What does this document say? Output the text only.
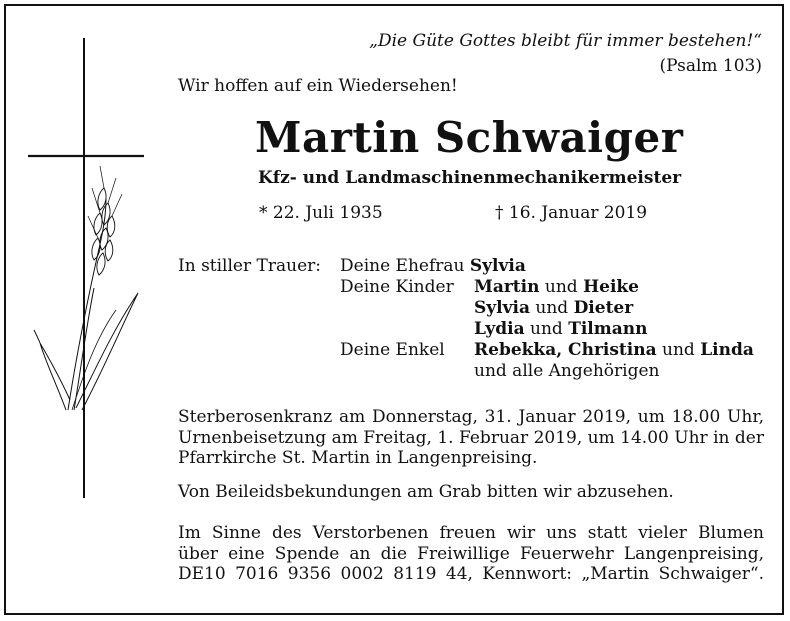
„Die Güte Gottes bleibt für immer bestehen!“
(Psalm 103)
Wir hoffen auf ein Wiedersehen!
Martin Schwaiger
Kfz- und Landmaschinenmechanikermeister
* 22. Juli 1935	† 16. Januar 2019
In stiller Trauer: Deine Ehefrau Sylvia
Deine Kinder Martin und Heike
Sylvia und Dieter
Lydia und Tilmann
Deine Enkel Rebekka, Christina und Linda
und alle Angehörigen
Sterberosenkranz am Donnerstag, 31. Januar 2019, um 18.00 Uhr,
Urnenbeisetzung am Freitag, 1. Februar 2019, um 14.00 Uhr in der
Pfarrkirche St. Martin in Langenpreising.
Von Beileidsbekundungen am Grab bitten wir abzusehen.
Im Sinne des Verstorbenen freuen wir uns statt vieler Blumen
über eine Spende an die Freiwillige Feuerwehr Langenpreising,
DE10 7016 9356 0002 8119 44, Kennwort: „Martin Schwaiger“.
